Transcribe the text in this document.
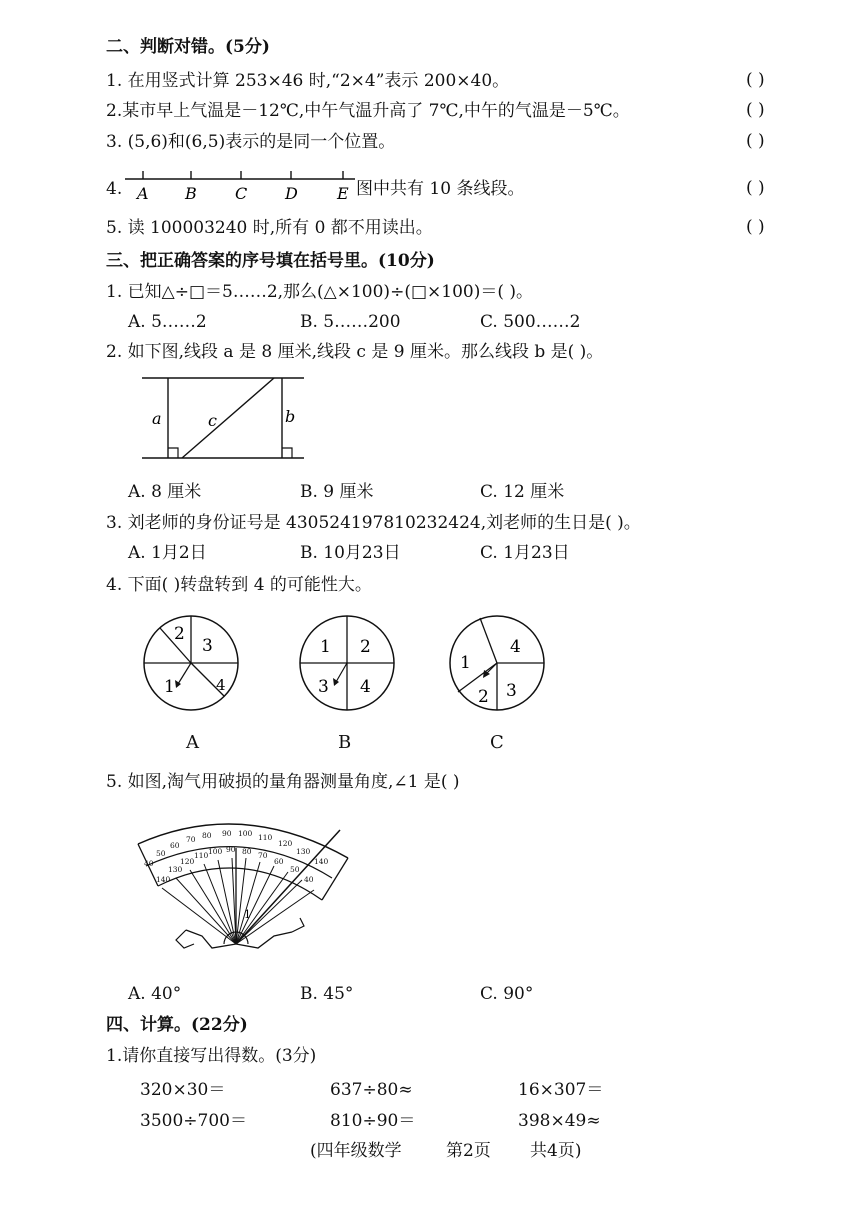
二、判断对错。(5分)
1. 在用竖式计算 253×46 时,“2×4”表示 200×40。	( )
2.某市早上气温是－12℃,中午气温升高了 7℃,中午的气温是－5℃。	( )
3. (5,6)和(6,5)表示的是同一个位置。	( )
4. A B C D E 图中共有 10 条线段。	( )
5. 读 100003240 时,所有 0 都不用读出。	( )
三、把正确答案的序号填在括号里。(10分)
1. 已知△÷□＝5……2,那么(△×100)÷(□×100)＝( )。
A. 5……2	B. 5……200	C. 500……2
2. 如下图,线段 a 是 8 厘米,线段 c 是 9 厘米。那么线段 b 是( )。
a	c	b
A. 8 厘米	B. 9 厘米	C. 12 厘米
3. 刘老师的身份证号是 430524197810232424,刘老师的生日是( )。
A. 1月2日	B. 10月23日	C. 1月23日
4. 下面( )转盘转到 4 的可能性大。
2
3
1	4
A
1 2
3 4
B
1
4
2 3
C
5. 如图,淘气用破损的量角器测量角度,∠1 是( )
1
40
50
60
70 80 90 100 110
120
130
140
140
130
120
110 100 90 80 70
60
50
40
A. 40°	B. 45°	C. 90°
四、计算。(22分)
1.请你直接写出得数。(3分)
320×30＝	637÷80≈	16×307＝
3500÷700＝	810÷90＝	398×49≈
(四年级数学	第2页 共4页)
